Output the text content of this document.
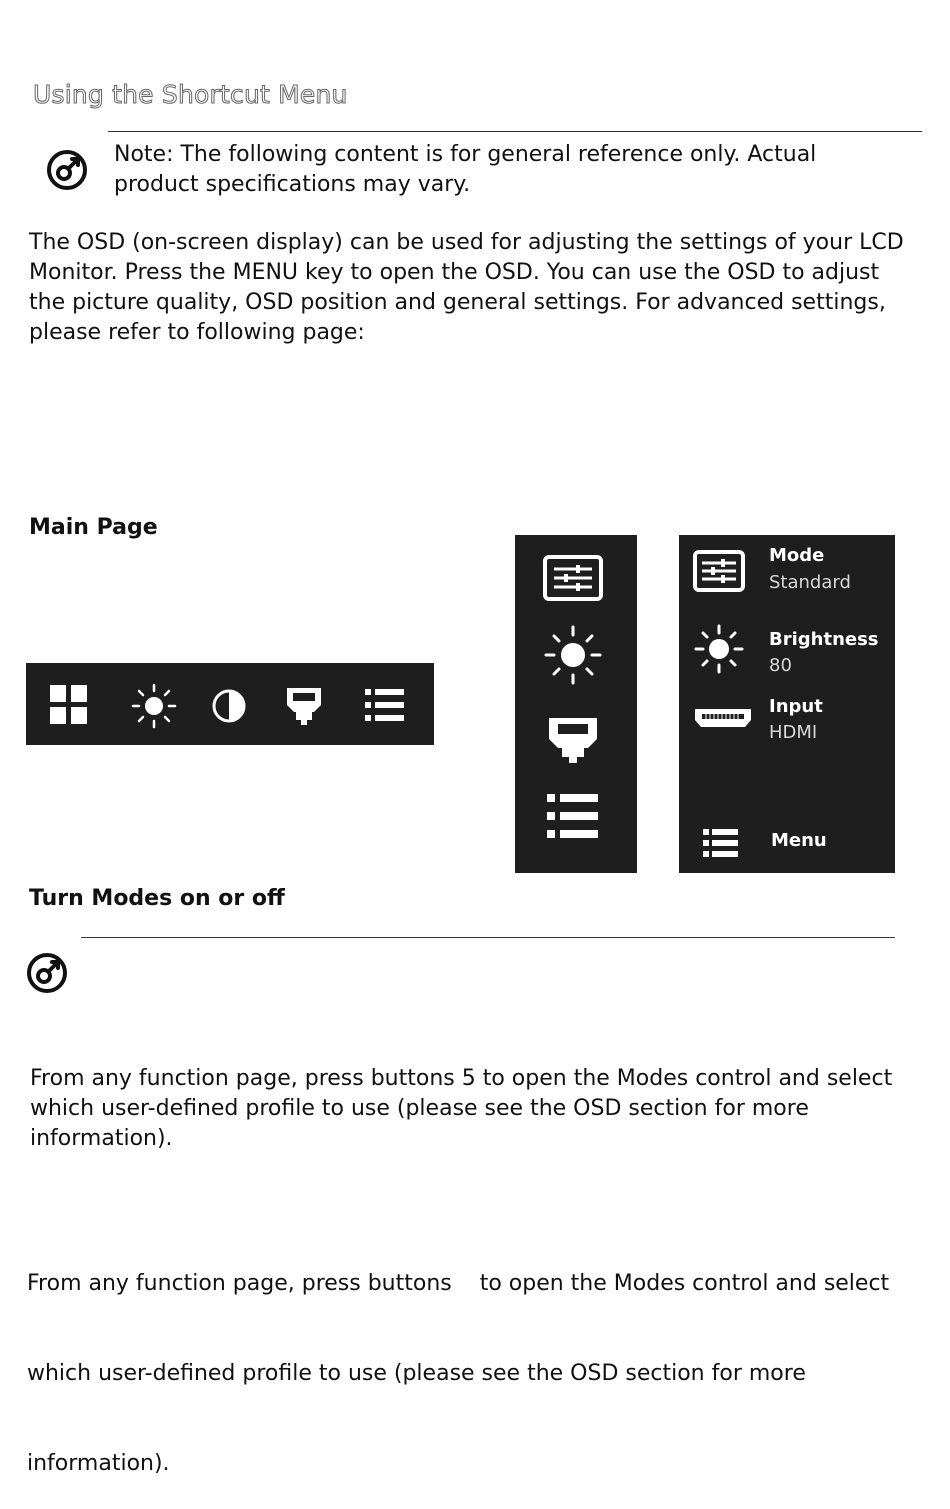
Using the Shortcut Menu
Note: The following content is for general reference only. Actual
product specifications may vary.
The OSD (on-screen display) can be used for adjusting the settings of your LCD
Monitor. Press the MENU key to open the OSD. You can use the OSD to adjust
the picture quality, OSD position and general settings. For advanced settings,
please refer to following page:
Main Page
Mode
Standard
Brightness
80
Input
HDMI
Menu
Turn Modes on or off
From any function page, press buttons 5 to open the Modes control and select
which user-defined profile to use (please see the OSD section for more
information).

From any function page, press buttons    to open the Modes control and select

which user-defined profile to use (please see the OSD section for more

information).
